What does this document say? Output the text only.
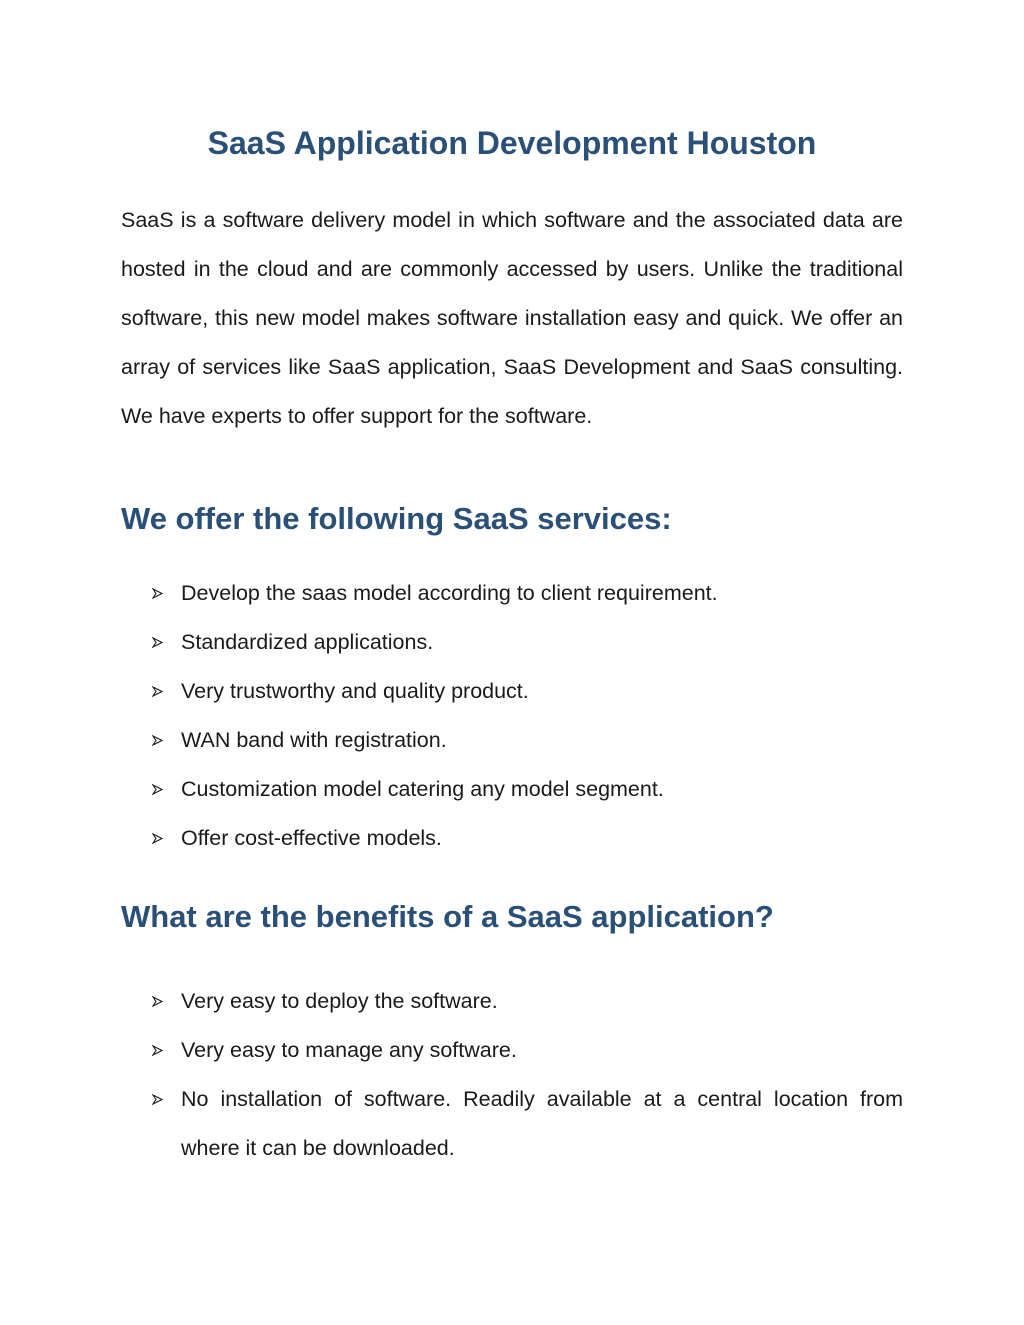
SaaS Application Development Houston

SaaS is a software delivery model in which software and the associated data are hosted in the cloud and are commonly accessed by users. Unlike the traditional software, this new model makes software installation easy and quick. We offer an array of services like SaaS application, SaaS Development and SaaS consulting. We have experts to offer support for the software.

We offer the following SaaS services:
Develop the saas model according to client requirement.
Standardized applications.
Very trustworthy and quality product.
WAN band with registration.
Customization model catering any model segment.
Offer cost-effective models.
What are the benefits of a SaaS application?
Very easy to deploy the software.
Very easy to manage any software.
No installation of software. Readily available at a central location from where it can be downloaded.
